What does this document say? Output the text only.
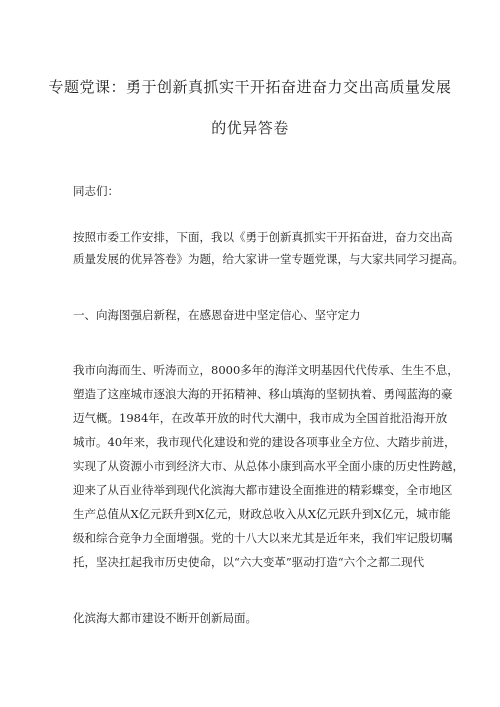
专题党课：勇于创新真抓实干开拓奋进奋力交出高质量发展
的优异答卷
同志们：
按照市委工作安排，下面，我以《勇于创新真抓实干开拓奋进，奋力交出高
质量发展的优异答卷》为题，给大家讲一堂专题党课，与大家共同学习提高。
一、向海图强启新程，在感恩奋进中坚定信心、坚守定力
我市向海而生、听涛而立，8000多年的海洋文明基因代代传承、生生不息，
塑造了这座城市逐浪大海的开拓精神、移山填海的坚韧执着、勇闯蓝海的豪
迈气概。1984年，在改革开放的时代大潮中，我市成为全国首批沿海开放
城市。40年来，我市现代化建设和党的建设各项事业全方位、大踏步前进，
实现了从资源小市到经济大市、从总体小康到高水平全面小康的历史性跨越，
迎来了从百业待举到现代化滨海大都市建设全面推进的精彩蝶变，全市地区
生产总值从X亿元跃升到X亿元，财政总收入从X亿元跃升到X亿元，城市能
级和综合竞争力全面增强。党的十八大以来尤其是近年来，我们牢记殷切嘱
托，坚决扛起我市历史使命，以“六大变革”驱动打造“六个之都二现代
化滨海大都市建设不断开创新局面。
